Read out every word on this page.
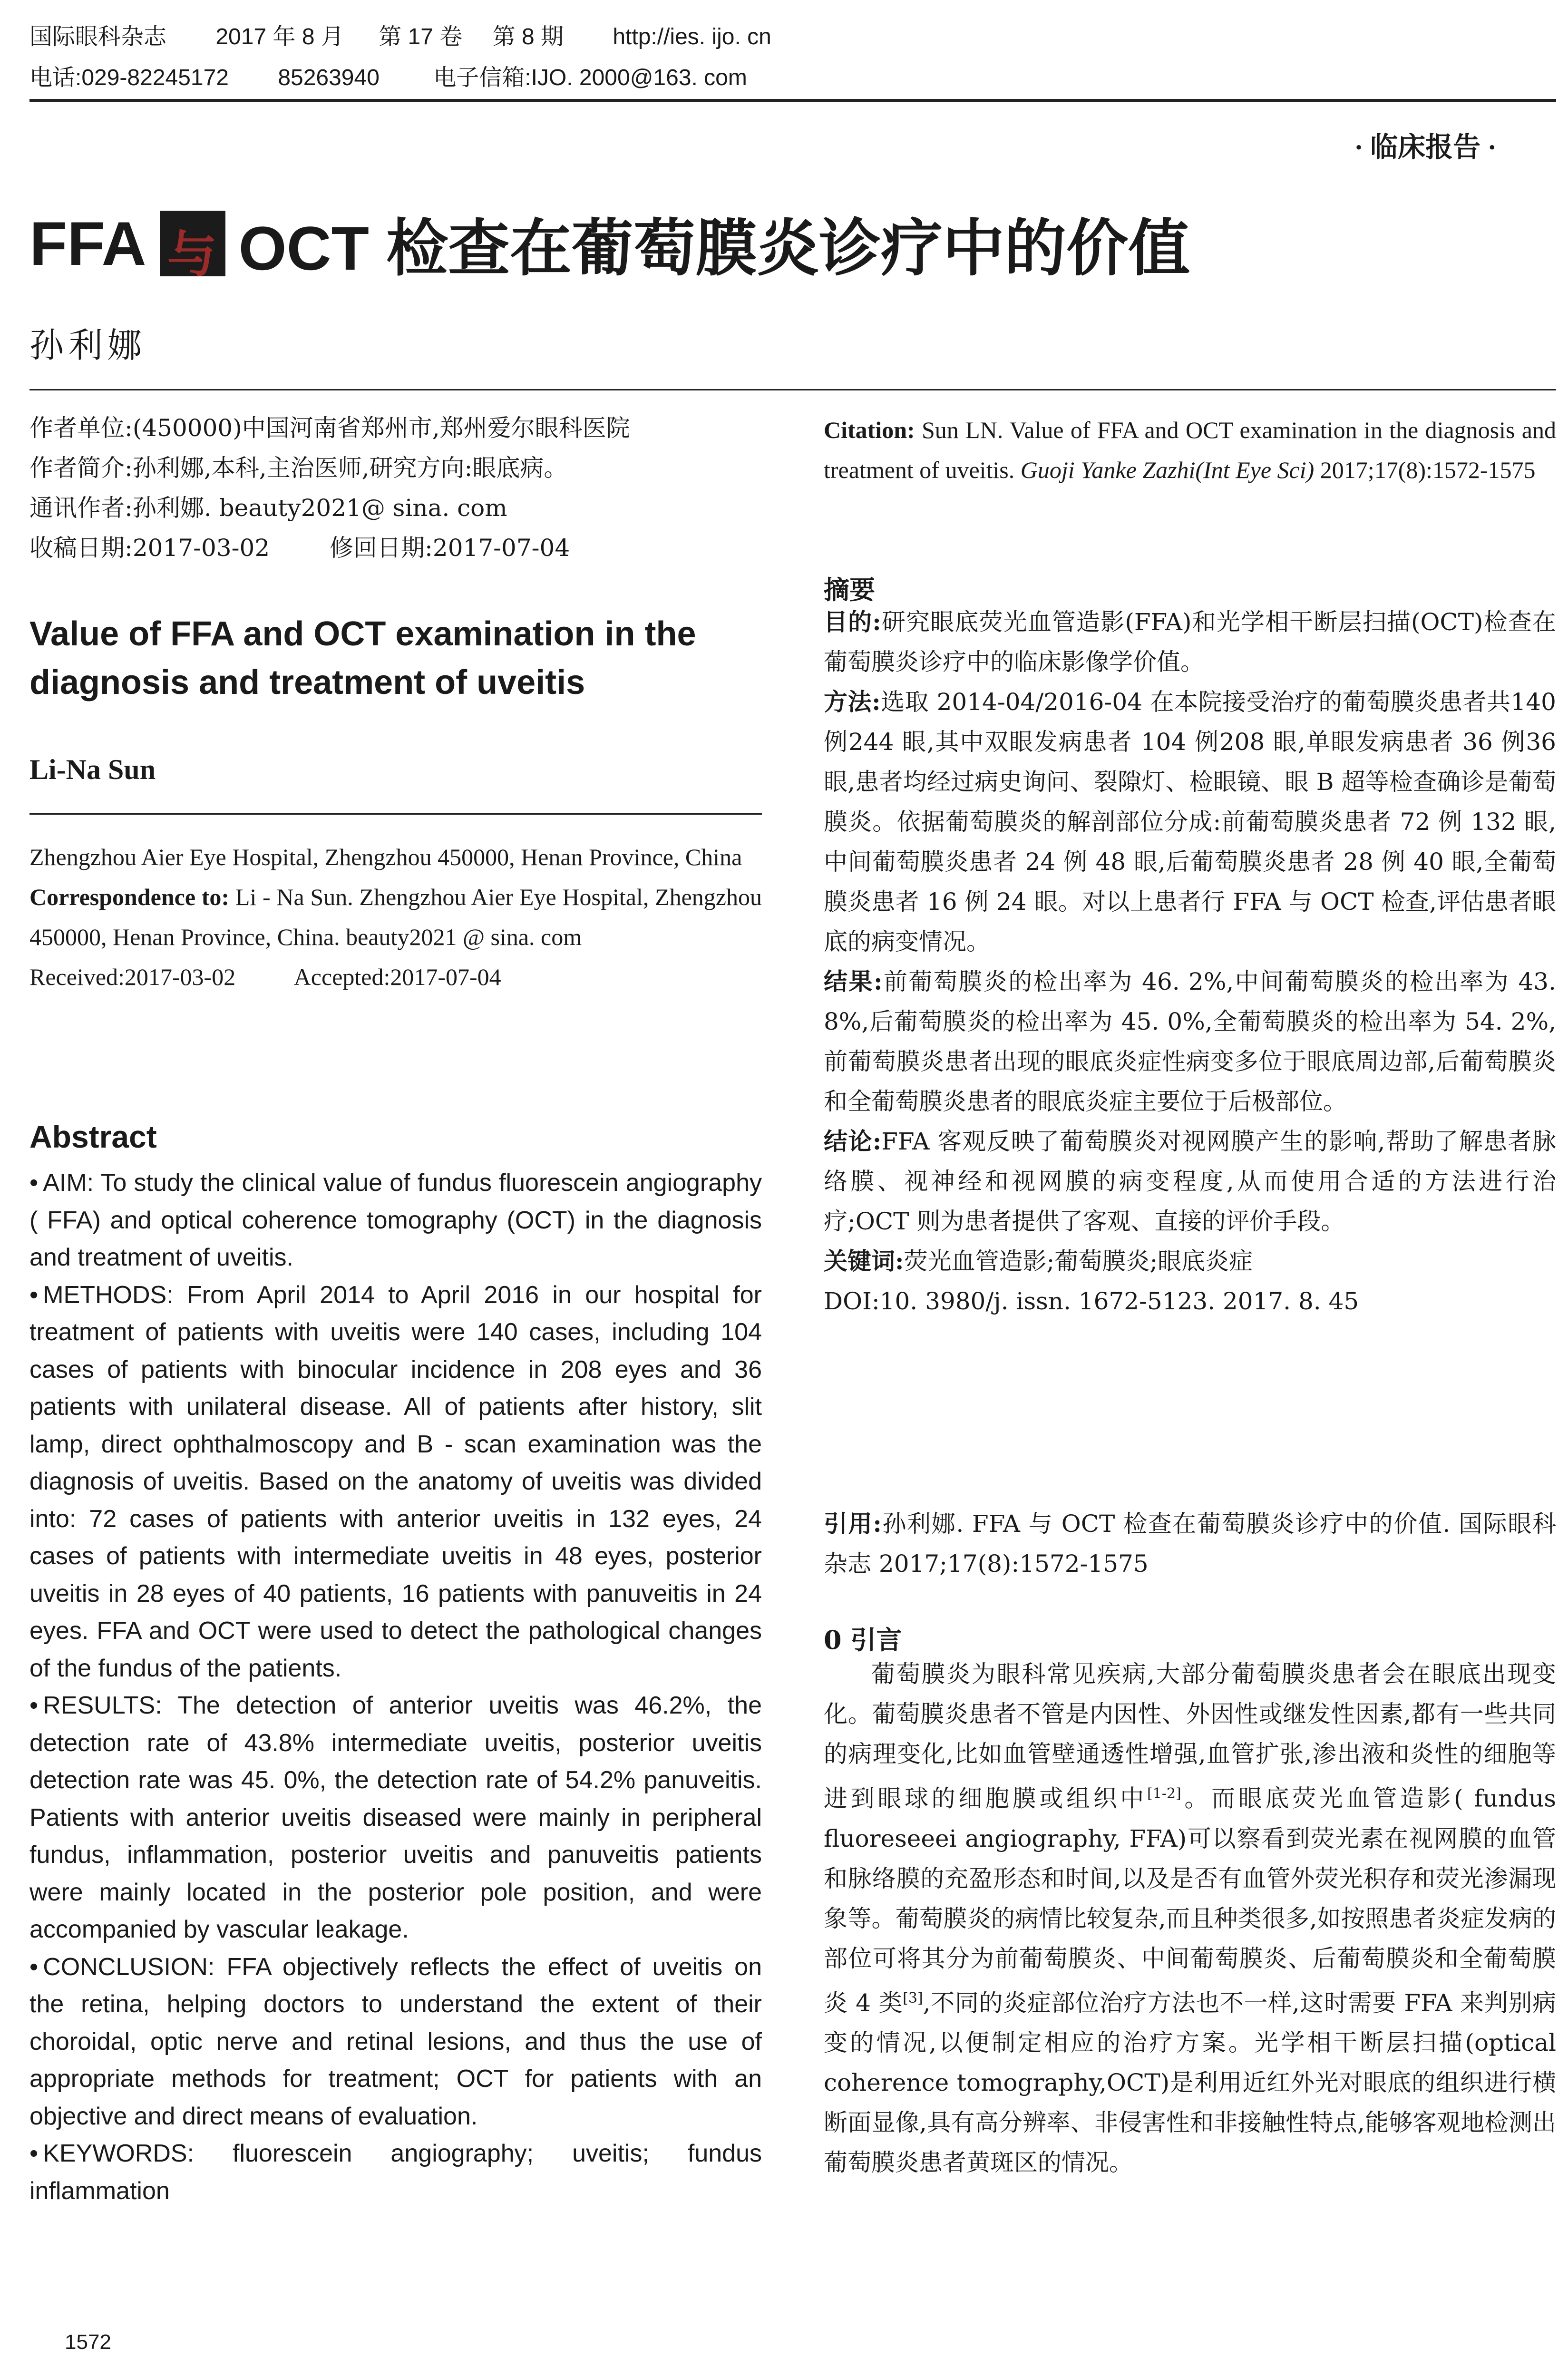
国际眼科杂志 2017 年 8 月 第 17 卷 第 8 期 http://ies. ijo. cn
电话:029-82245172 85263940 电子信箱:IJO. 2000@163. com
· 临床报告 ·
FFA
与 OCT 检查在葡萄膜炎诊疗中的价值
孙利娜

作者单位:(450000)中国河南省郑州市,郑州爱尔眼科医院

作者简介:孙利娜,本科,主治医师,研究方向:眼底病。

通讯作者:孙利娜. beauty2021@ sina. com

收稿日期:2017-03-02	修回日期:2017-07-04

Value of FFA and OCT examination in the diagnosis and treatment of uveitis
Li-Na Sun

Zhengzhou Aier Eye Hospital, Zhengzhou 450000, Henan Province, China

Correspondence to: Li - Na Sun. Zhengzhou Aier Eye Hospital, Zhengzhou 450000, Henan Province, China. beauty2021 @ sina. com

Received:2017-03-02 Accepted:2017-07-04

Abstract

• AIM: To study the clinical value of fundus fluorescein angiography ( FFA) and optical coherence tomography (OCT) in the diagnosis and treatment of uveitis.

• METHODS: From April 2014 to April 2016 in our hospital for treatment of patients with uveitis were 140 cases, including 104 cases of patients with binocular incidence in 208 eyes and 36 patients with unilateral disease. All of patients after history, slit lamp, direct ophthalmoscopy and B - scan examination was the diagnosis of uveitis. Based on the anatomy of uveitis was divided into: 72 cases of patients with anterior uveitis in 132 eyes, 24 cases of patients with intermediate uveitis in 48 eyes, posterior uveitis in 28 eyes of 40 patients, 16 patients with panuveitis in 24 eyes. FFA and OCT were used to detect the pathological changes of the fundus of the patients.

• RESULTS: The detection of anterior uveitis was 46.2%, the detection rate of 43.8% intermediate uveitis, posterior uveitis detection rate was 45. 0%, the detection rate of 54.2% panuveitis. Patients with anterior uveitis diseased were mainly in peripheral fundus, inflammation, posterior uveitis and panuveitis patients were mainly located in the posterior pole position, and were accompanied by vascular leakage.

• CONCLUSION: FFA objectively reflects the effect of uveitis on the retina, helping doctors to understand the extent of their choroidal, optic nerve and retinal lesions, and thus the use of appropriate methods for treatment; OCT for patients with an objective and direct means of evaluation.

• KEYWORDS: fluorescein angiography; uveitis; fundus inflammation

1572
Citation: Sun LN. Value of FFA and OCT examination in the diagnosis and treatment of uveitis. Guoji Yanke Zazhi(Int Eye Sci) 2017;17(8):1572-1575
摘要

目的:研究眼底荧光血管造影(FFA)和光学相干断层扫描(OCT)检查在葡萄膜炎诊疗中的临床影像学价值。

方法:选取 2014-04/2016-04 在本院接受治疗的葡萄膜炎患者共140 例244 眼,其中双眼发病患者 104 例208 眼,单眼发病患者 36 例36 眼,患者均经过病史询问、裂隙灯、检眼镜、眼 B 超等检查确诊是葡萄膜炎。依据葡萄膜炎的解剖部位分成:前葡萄膜炎患者 72 例 132 眼,中间葡萄膜炎患者 24 例 48 眼,后葡萄膜炎患者 28 例 40 眼,全葡萄膜炎患者 16 例 24 眼。对以上患者行 FFA 与 OCT 检查,评估患者眼底的病变情况。

结果:前葡萄膜炎的检出率为 46. 2%,中间葡萄膜炎的检出率为 43. 8%,后葡萄膜炎的检出率为 45. 0%,全葡萄膜炎的检出率为 54. 2%,前葡萄膜炎患者出现的眼底炎症性病变多位于眼底周边部,后葡萄膜炎和全葡萄膜炎患者的眼底炎症主要位于后极部位。

结论:FFA 客观反映了葡萄膜炎对视网膜产生的影响,帮助了解患者脉络膜、视神经和视网膜的病变程度,从而使用合适的方法进行治疗;OCT 则为患者提供了客观、直接的评价手段。

关键词:荧光血管造影;葡萄膜炎;眼底炎症

DOI:10. 3980/j. issn. 1672-5123. 2017. 8. 45

引用:孙利娜. FFA 与 OCT 检查在葡萄膜炎诊疗中的价值. 国际眼科杂志 2017;17(8):1572-1575

0 引言

葡萄膜炎为眼科常见疾病,大部分葡萄膜炎患者会在眼底出现变化。葡萄膜炎患者不管是内因性、外因性或继发性因素,都有一些共同的病理变化,比如血管壁通透性增强,血管扩张,渗出液和炎性的细胞等进到眼球的细胞膜或组织中[1-2]。而眼底荧光血管造影( fundus fluoreseeei angiography, FFA)可以察看到荧光素在视网膜的血管和脉络膜的充盈形态和时间,以及是否有血管外荧光积存和荧光渗漏现象等。葡萄膜炎的病情比较复杂,而且种类很多,如按照患者炎症发病的部位可将其分为前葡萄膜炎、中间葡萄膜炎、后葡萄膜炎和全葡萄膜炎 4 类[3],不同的炎症部位治疗方法也不一样,这时需要 FFA 来判别病变的情况,以便制定相应的治疗方案。光学相干断层扫描(optical coherence tomography,OCT)是利用近红外光对眼底的组织进行横断面显像,具有高分辨率、非侵害性和非接触性特点,能够客观地检测出葡萄膜炎患者黄斑区的情况。
